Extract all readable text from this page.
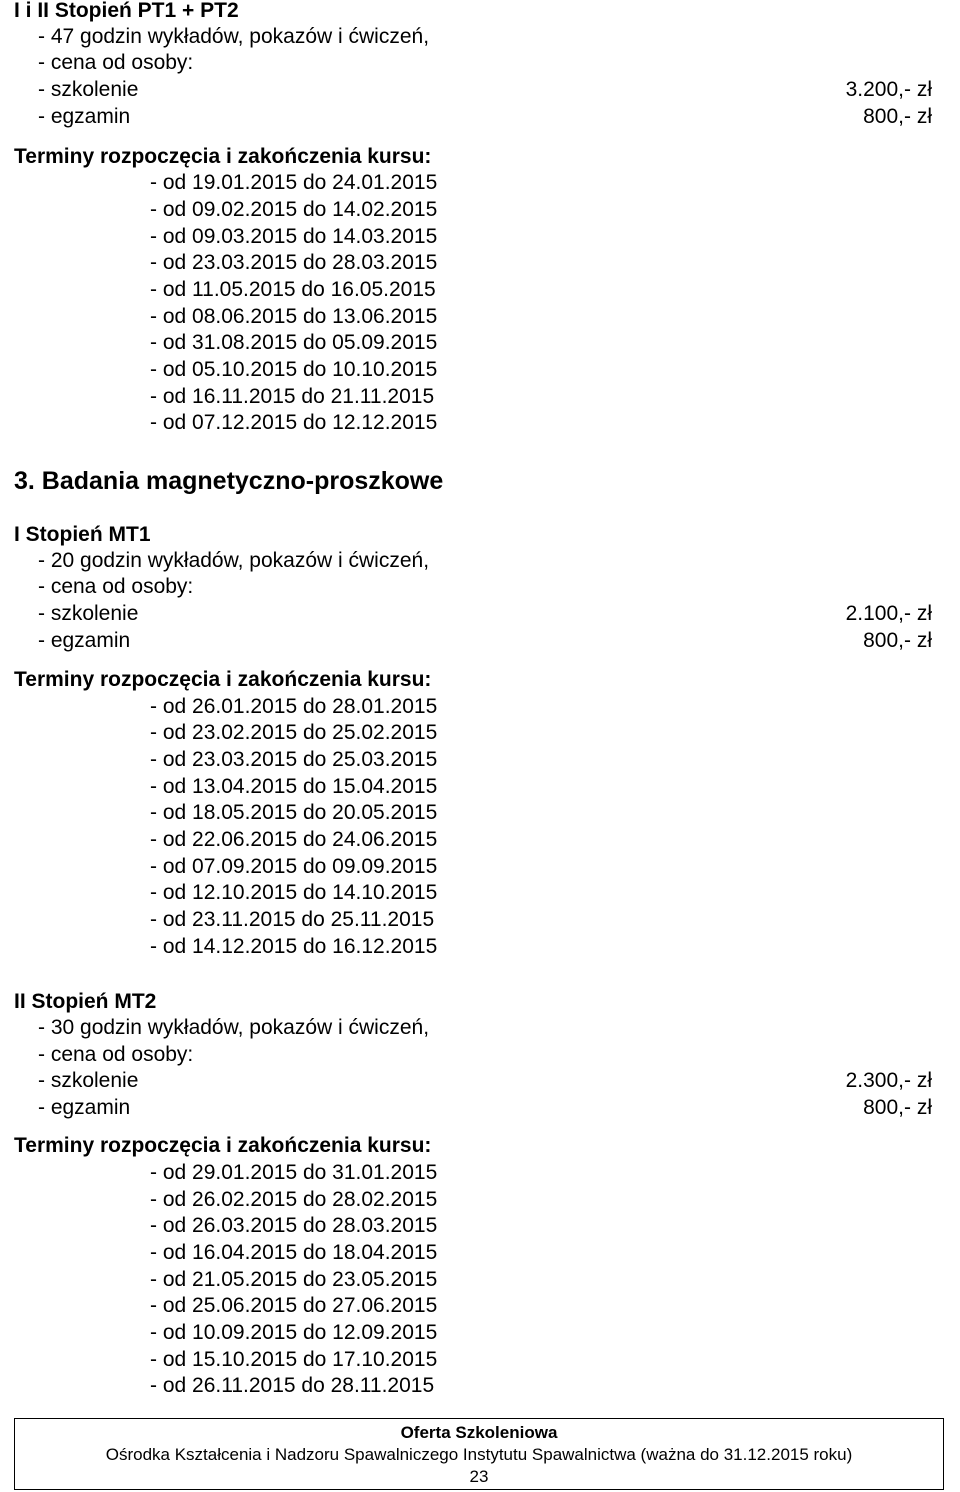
I i II Stopień PT1 + PT2
- 47 godzin wykładów, pokazów i ćwiczeń,
- cena od osoby:
- szkolenie	3.200,- zł
- egzamin	800,- zł
Terminy rozpoczęcia i zakończenia kursu:
- od 19.01.2015 do 24.01.2015
- od 09.02.2015 do 14.02.2015
- od 09.03.2015 do 14.03.2015
- od 23.03.2015 do 28.03.2015
- od 11.05.2015 do 16.05.2015
- od 08.06.2015 do 13.06.2015
- od 31.08.2015 do 05.09.2015
- od 05.10.2015 do 10.10.2015
- od 16.11.2015 do 21.11.2015
- od 07.12.2015 do 12.12.2015
3. Badania magnetyczno-proszkowe
I Stopień MT1
- 20 godzin wykładów, pokazów i ćwiczeń,
- cena od osoby:
- szkolenie	2.100,- zł
- egzamin	800,- zł
Terminy rozpoczęcia i zakończenia kursu:
- od 26.01.2015 do 28.01.2015
- od 23.02.2015 do 25.02.2015
- od 23.03.2015 do 25.03.2015
- od 13.04.2015 do 15.04.2015
- od 18.05.2015 do 20.05.2015
- od 22.06.2015 do 24.06.2015
- od 07.09.2015 do 09.09.2015
- od 12.10.2015 do 14.10.2015
- od 23.11.2015 do 25.11.2015
- od 14.12.2015 do 16.12.2015
II Stopień MT2
- 30 godzin wykładów, pokazów i ćwiczeń,
- cena od osoby:
- szkolenie	2.300,- zł
- egzamin	800,- zł
Terminy rozpoczęcia i zakończenia kursu:
- od 29.01.2015 do 31.01.2015
- od 26.02.2015 do 28.02.2015
- od 26.03.2015 do 28.03.2015
- od 16.04.2015 do 18.04.2015
- od 21.05.2015 do 23.05.2015
- od 25.06.2015 do 27.06.2015
- od 10.09.2015 do 12.09.2015
- od 15.10.2015 do 17.10.2015
- od 26.11.2015 do 28.11.2015
Oferta Szkoleniowa
Ośrodka Kształcenia i Nadzoru Spawalniczego Instytutu Spawalnictwa (ważna do 31.12.2015 roku)
23
